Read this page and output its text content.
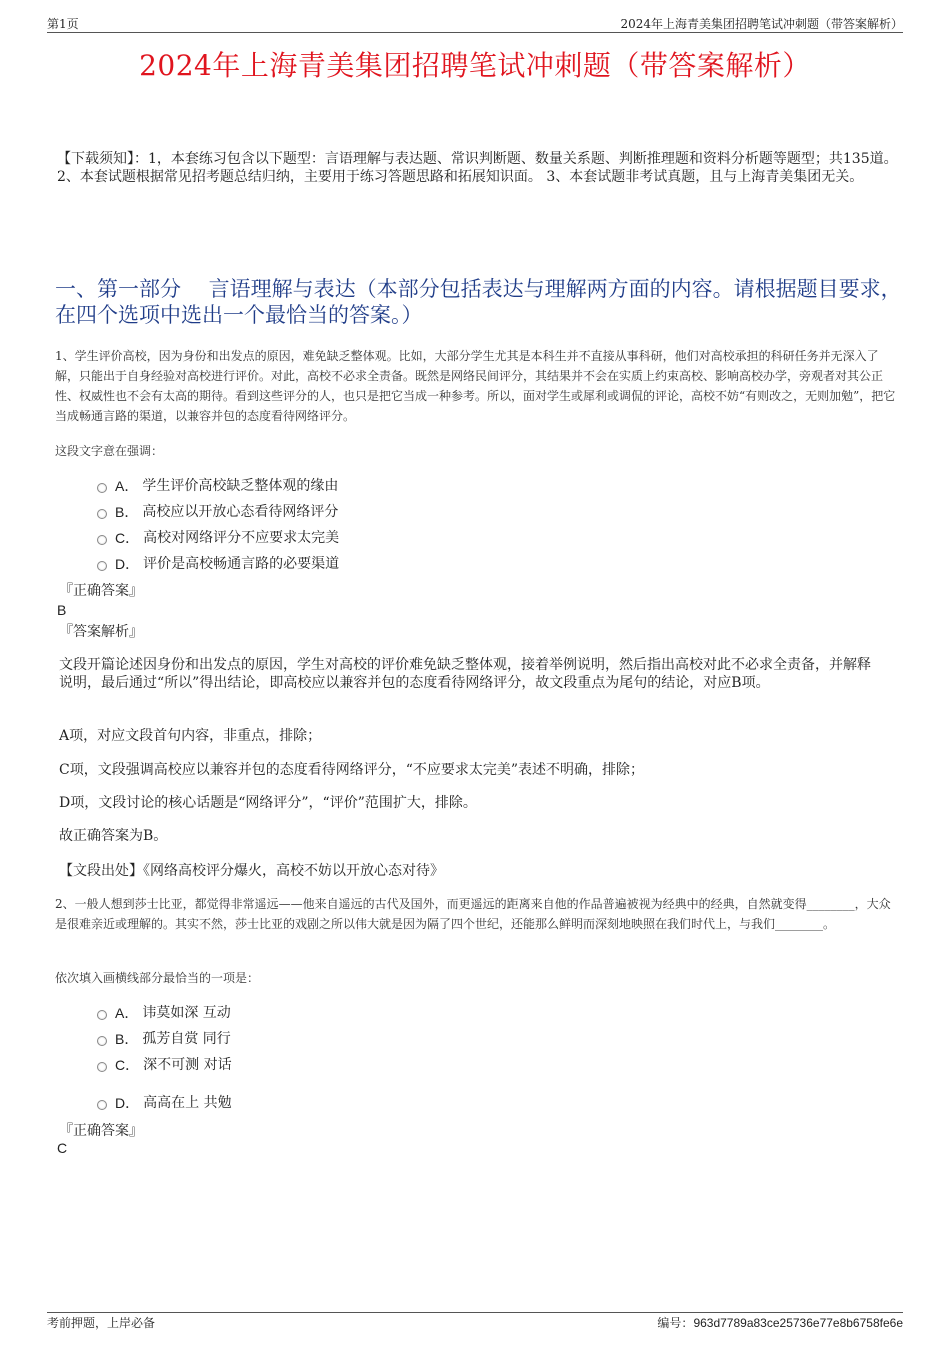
第1页	2024年上海青美集团招聘笔试冲刺题（带答案解析）
2024年上海青美集团招聘笔试冲刺题（带答案解析）
【下载须知】：1，本套练习包含以下题型：言语理解与表达题、常识判断题、数量关系题、判断推理题和资料分析题等题型；共135道。 2、本套试题根据常见招考题总结归纳，主要用于练习答题思路和拓展知识面。 3、本套试题非考试真题，且与上海青美集团无关。
一、第一部分　 言语理解与表达（本部分包括表达与理解两方面的内容。请根据题目要求，在四个选项中选出一个最恰当的答案。）
1、学生评价高校，因为身份和出发点的原因，难免缺乏整体观。比如，大部分学生尤其是本科生并不直接从事科研，他们对高校承担的科研任务并无深入了解，只能出于自身经验对高校进行评价。对此，高校不必求全责备。既然是网络民间评分，其结果并不会在实质上约束高校、影响高校办学，旁观者对其公正性、权威性也不会有太高的期待。看到这些评分的人，也只是把它当成一种参考。所以，面对学生或犀利或调侃的评论，高校不妨“有则改之，无则加勉”，把它当成畅通言路的渠道，以兼容并包的态度看待网络评分。
这段文字意在强调：
A． 学生评价高校缺乏整体观的缘由
B． 高校应以开放心态看待网络评分
C． 高校对网络评分不应要求太完美
D． 评价是高校畅通言路的必要渠道
『正确答案』
B
『答案解析』
文段开篇论述因身份和出发点的原因，学生对高校的评价难免缺乏整体观，接着举例说明，然后指出高校对此不必求全责备，并解释说明，最后通过“所以”得出结论，即高校应以兼容并包的态度看待网络评分，故文段重点为尾句的结论，对应B项。
A项，对应文段首句内容，非重点，排除；
C项，文段强调高校应以兼容并包的态度看待网络评分，“不应要求太完美”表述不明确，排除；
D项，文段讨论的核心话题是“网络评分”，“评价”范围扩大，排除。
故正确答案为B。
【文段出处】《网络高校评分爆火，高校不妨以开放心态对待》
2、一般人想到莎士比亚，都觉得非常遥远——他来自遥远的古代及国外，而更遥远的距离来自他的作品普遍被视为经典中的经典，自然就变得________，大众是很难亲近或理解的。其实不然，莎士比亚的戏剧之所以伟大就是因为隔了四个世纪，还能那么鲜明而深刻地映照在我们时代上，与我们________。
依次填入画横线部分最恰当的一项是：
A． 讳莫如深 互动
B． 孤芳自赏 同行
C． 深不可测 对话
D． 高高在上 共勉
『正确答案』
C
考前押题，上岸必备	编号：963d7789a83ce25736e77e8b6758fe6e
